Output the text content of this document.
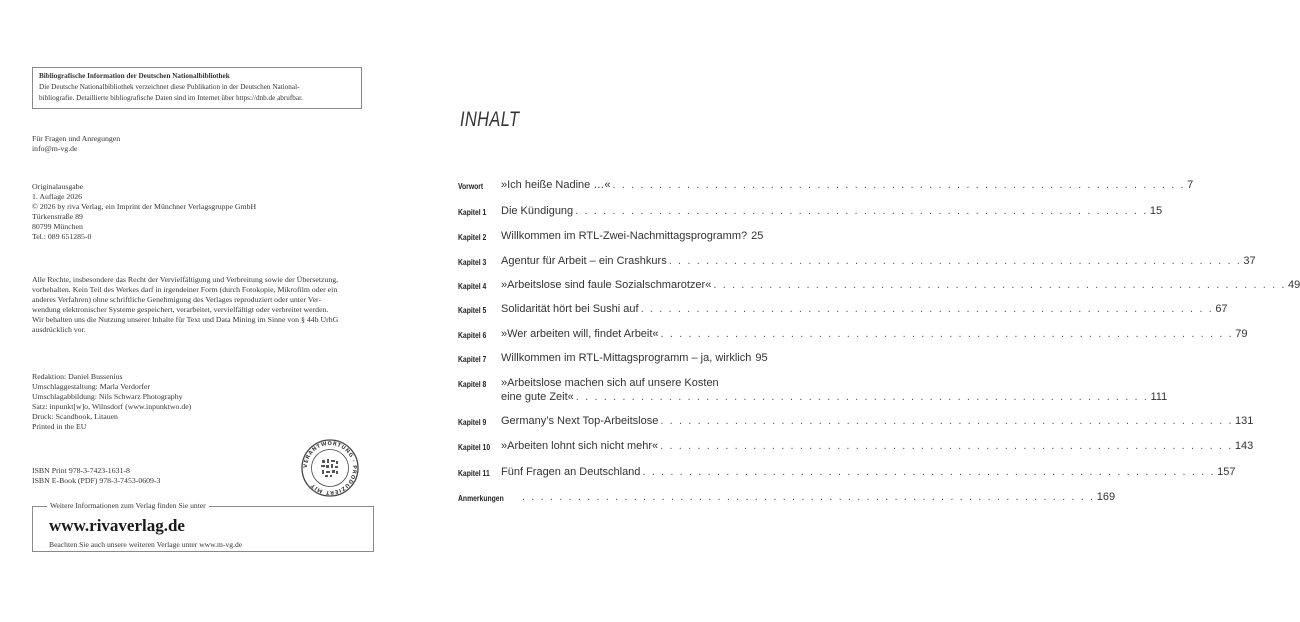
Bibliografische Information der Deutschen Nationalbibliothek
Die Deutsche Nationalbibliothek verzeichnet diese Publikation in der Deutschen National-
bibliografie. Detaillierte bibliografische Daten sind im Internet über https://dnb.de abrufbar.
Für Fragen und Anregungen
info@m-vg.de
Originalausgabe
1. Auflage 2026
© 2026 by riva Verlag, ein Imprint der Münchner Verlagsgruppe GmbH
Türkenstraße 89
80799 München
Tel.: 089 651285-0
Alle Rechte, insbesondere das Recht der Vervielfältigung und Verbreitung sowie der Übersetzung,
vorbehalten. Kein Teil des Werkes darf in irgendeiner Form (durch Fotokopie, Mikrofilm oder ein
anderes Verfahren) ohne schriftliche Genehmigung des Verlages reproduziert oder unter Ver-
wendung elektronischer Systeme gespeichert, verarbeitet, vervielfältigt oder verbreitet werden.
Wir behalten uns die Nutzung unserer Inhalte für Text und Data Mining im Sinne von § 44b UrhG
ausdrücklich vor.
Redaktion: Daniel Bussenius
Umschlaggestaltung: Marla Verdorfer
Umschlagabbildung: Nils Schwarz Photography
Satz: inpunkt[w]o, Wilnsdorf (www.inpunktwo.de)
Druck: Scandbook, Litauen
Printed in the EU
ISBN Print 978-3-7423-1631-8
ISBN E-Book (PDF) 978-3-7453-0609-3
VERANTWORTUNG · PRODUZIERT MIT
Weitere Informationen zum Verlag finden Sie unter
www.rivaverlag.de
Beachten Sie auch unsere weiteren Verlage unter www.m-vg.de
INHALT
Vorwort »Ich heiße Nadine …« . . . . . . . . . . . . . . . . . . . . . . . . . . . . . . . . . . . . . . . . . . . . . . . . . . . . . . . . . . . . . . 7
Kapitel 1 Die Kündigung . . . . . . . . . . . . . . . . . . . . . . . . . . . . . . . . . . . . . . . . . . . . . . . . . . . . . . . . . . . . . . 15
Kapitel 2 Willkommen im RTL-Zwei-Nachmittagsprogramm? 25
Kapitel 3 Agentur für Arbeit – ein Crashkurs . . . . . . . . . . . . . . . . . . . . . . . . . . . . . . . . . . . . . . . . . . . . . . . . . . . . . . . . . . . . . . 37
Kapitel 4 »Arbeitslose sind faule Sozialschmarotzer« . . . . . . . . . . . . . . . . . . . . . . . . . . . . . . . . . . . . . . . . . . . . . . . . . . . . . . . . . . . . . . 49
Kapitel 5 Solidarität hört bei Sushi auf . . . . . . . . . . . . . . . . . . . . . . . . . . . . . . . . . . . . . . . . . . . . . . . . . . . . . . . . . . . . . . 67
Kapitel 6 »Wer arbeiten will, findet Arbeit« . . . . . . . . . . . . . . . . . . . . . . . . . . . . . . . . . . . . . . . . . . . . . . . . . . . . . . . . . . . . . . 79
Kapitel 7 Willkommen im RTL-Mittagsprogramm – ja, wirklich 95
Kapitel 8 »Arbeitslose machen sich auf unsere Kosten
Kapitel 9 Germany’s Next Top-Arbeitslose . . . . . . . . . . . . . . . . . . . . . . . . . . . . . . . . . . . . . . . . . . . . . . . . . . . . . . . . . . . . . . 131
Kapitel 10 »Arbeiten lohnt sich nicht mehr« . . . . . . . . . . . . . . . . . . . . . . . . . . . . . . . . . . . . . . . . . . . . . . . . . . . . . . . . . . . . . . 143
Kapitel 11 Fünf Fragen an Deutschland . . . . . . . . . . . . . . . . . . . . . . . . . . . . . . . . . . . . . . . . . . . . . . . . . . . . . . . . . . . . . . 157
Anmerkungen . . . . . . . . . . . . . . . . . . . . . . . . . . . . . . . . . . . . . . . . . . . . . . . . . . . . . . . . . . . . . . 169
eine gute Zeit« . . . . . . . . . . . . . . . . . . . . . . . . . . . . . . . . . . . . . . . . . . . . . . . . . . . . . . . . . . . . . . 111
